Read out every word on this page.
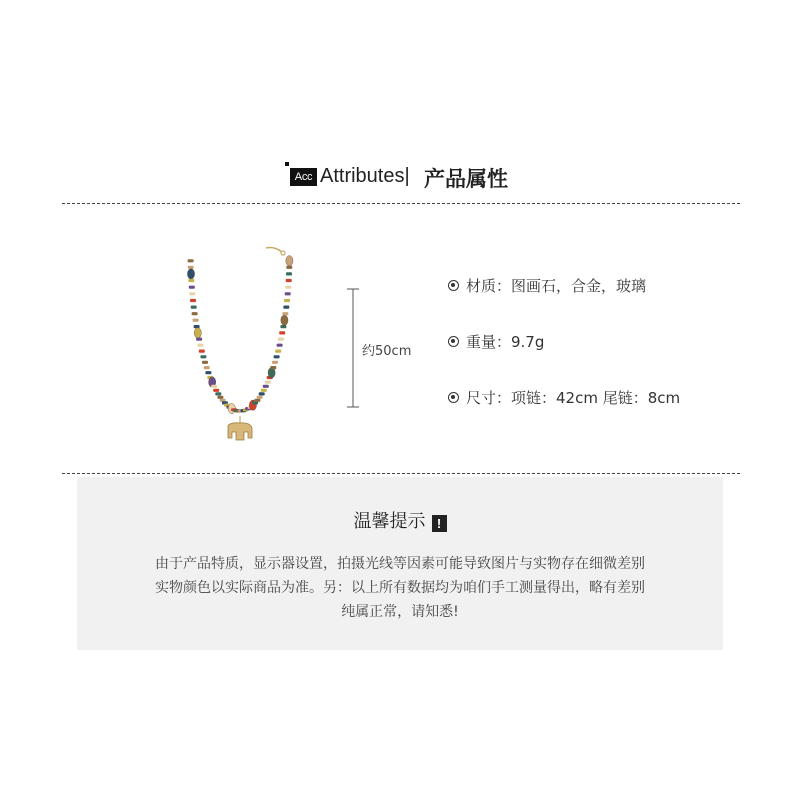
Acc Attributes| 产品属性
约50cm
材质：图画石，合金，玻璃
重量：9.7g
尺寸：项链：42cm 尾链：8cm
温馨提示 !
由于产品特质，显示器设置，拍摄光线等因素可能导致图片与实物存在细微差别
实物颜色以实际商品为准。另：以上所有数据均为咱们手工测量得出，略有差别
纯属正常，请知悉!
